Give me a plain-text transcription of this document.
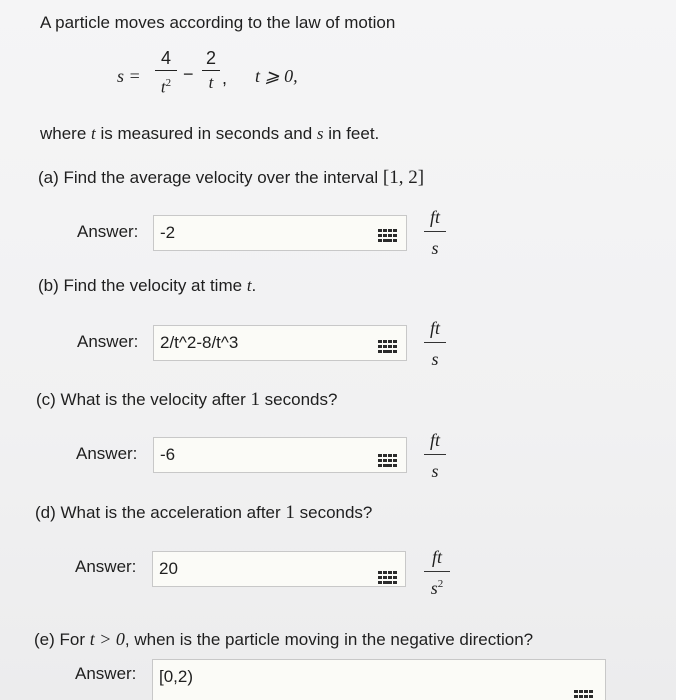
A particle moves according to the law of motion
s =
4
$t^2$ −
2
t , t ⩾ 0,
where t is measured in seconds and s in feet.
(a) Find the average velocity over the interval [1, 2]
Answer:
-2
ft
s
(b) Find the velocity at time t.
Answer:
2/t^2-8/t^3
ft
s
(c) What is the velocity after 1 seconds?
Answer:
-6
ft
s
(d) What is the acceleration after 1 seconds?
Answer:
20	ft
$s^2$
(e) For t > 0, when is the particle moving in the negative direction?
Answer:
[0,2)
